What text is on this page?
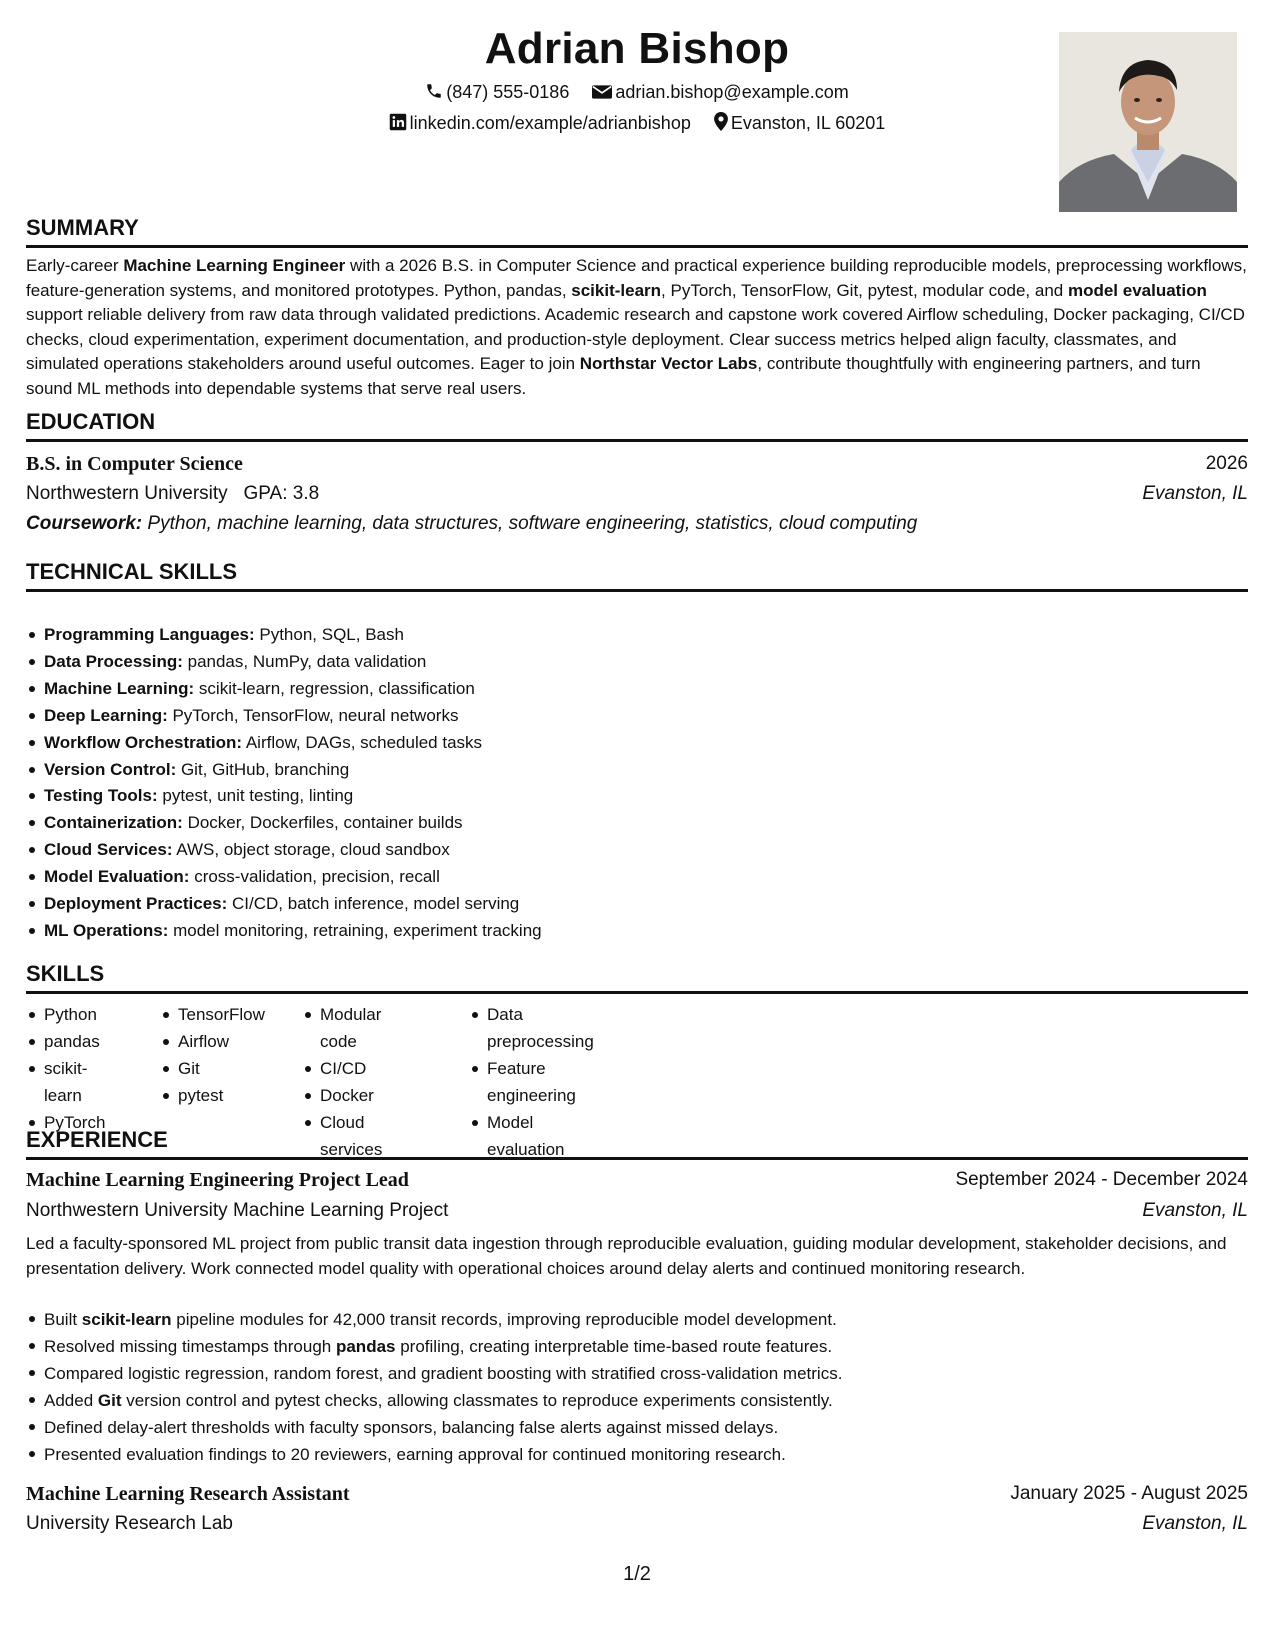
Adrian Bishop
(847) 555-0186	adrian.bishop@example.com
linkedin.com/example/adrianbishop Evanston, IL 60201
SUMMARY
Early-career Machine Learning Engineer with a 2026 B.S. in Computer Science and practical experience building reproducible models, preprocessing workflows, feature-generation systems, and monitored prototypes. Python, pandas, scikit-learn, PyTorch, TensorFlow, Git, pytest, modular code, and model evaluation support reliable delivery from raw data through validated predictions. Academic research and capstone work covered Airflow scheduling, Docker packaging, CI/CD checks, cloud experimentation, experiment documentation, and production-style deployment. Clear success metrics helped align faculty, classmates, and simulated operations stakeholders around useful outcomes. Eager to join Northstar Vector Labs, contribute thoughtfully with engineering partners, and turn sound ML methods into dependable systems that serve real users.
EDUCATION
B.S. in Computer Science	2026
Northwestern University GPA: 3.8	Evanston, IL
Coursework: Python, machine learning, data structures, software engineering, statistics, cloud computing
TECHNICAL SKILLS
Programming Languages: Python, SQL, Bash
Data Processing: pandas, NumPy, data validation
Machine Learning: scikit-learn, regression, classification
Deep Learning: PyTorch, TensorFlow, neural networks
Workflow Orchestration: Airflow, DAGs, scheduled tasks
Version Control: Git, GitHub, branching
Testing Tools: pytest, unit testing, linting
Containerization: Docker, Dockerfiles, container builds
Cloud Services: AWS, object storage, cloud sandbox
Model Evaluation: cross-validation, precision, recall
Deployment Practices: CI/CD, batch inference, model serving
ML Operations: model monitoring, retraining, experiment tracking
SKILLS
Python
pandas
scikit-learn
PyTorch
TensorFlow
Airflow
Git
pytest
Modular code
CI/CD
Docker
Cloud services
Data preprocessing
Feature engineering
Model evaluation
EXPERIENCE
Machine Learning Engineering Project Lead	September 2024 - December 2024
Northwestern University Machine Learning Project	Evanston, IL
Led a faculty-sponsored ML project from public transit data ingestion through reproducible evaluation, guiding modular development, stakeholder decisions, and presentation delivery. Work connected model quality with operational choices around delay alerts and continued monitoring research.
Built scikit-learn pipeline modules for 42,000 transit records, improving reproducible model development.
Resolved missing timestamps through pandas profiling, creating interpretable time-based route features.
Compared logistic regression, random forest, and gradient boosting with stratified cross-validation metrics.
Added Git version control and pytest checks, allowing classmates to reproduce experiments consistently.
Defined delay-alert thresholds with faculty sponsors, balancing false alerts against missed delays.
Presented evaluation findings to 20 reviewers, earning approval for continued monitoring research.
Machine Learning Research Assistant	January 2025 - August 2025
University Research Lab	Evanston, IL
1/2
